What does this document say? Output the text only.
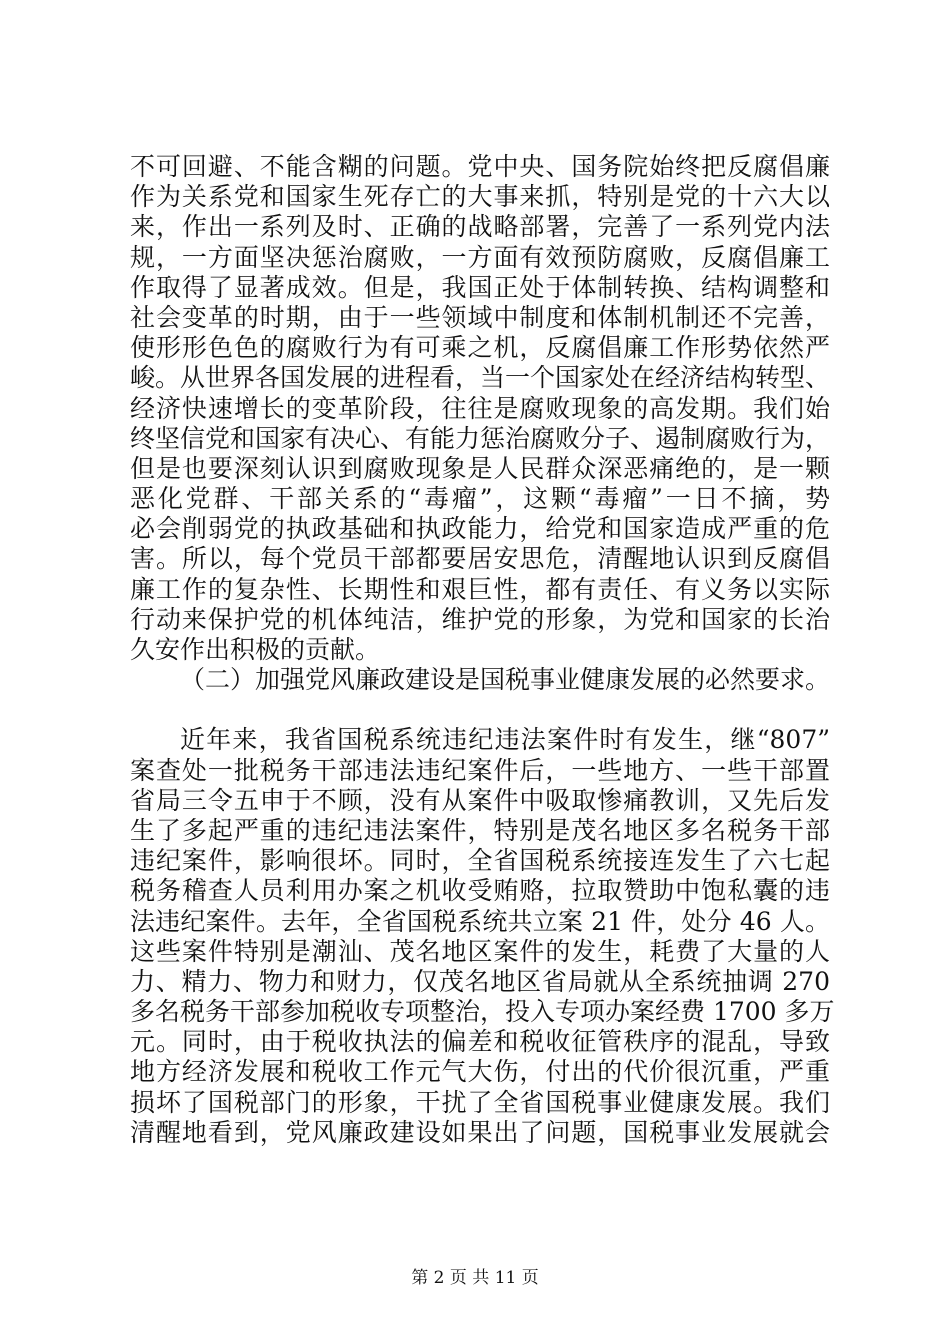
不可回避、不能含糊的问题。党中央、国务院始终把反腐倡廉
作为关系党和国家生死存亡的大事来抓，特别是党的十六大以
来，作出一系列及时、正确的战略部署，完善了一系列党内法
规，一方面坚决惩治腐败，一方面有效预防腐败，反腐倡廉工
作取得了显著成效。但是，我国正处于体制转换、结构调整和
社会变革的时期，由于一些领域中制度和体制机制还不完善，
使形形色色的腐败行为有可乘之机，反腐倡廉工作形势依然严
峻。从世界各国发展的进程看，当一个国家处在经济结构转型、
经济快速增长的变革阶段，往往是腐败现象的高发期。我们始
终坚信党和国家有决心、有能力惩治腐败分子、遏制腐败行为，
但是也要深刻认识到腐败现象是人民群众深恶痛绝的，是一颗
恶化党群、干部关系的“毒瘤”，这颗“毒瘤”一日不摘，势
必会削弱党的执政基础和执政能力，给党和国家造成严重的危
害。所以，每个党员干部都要居安思危，清醒地认识到反腐倡
廉工作的复杂性、长期性和艰巨性，都有责任、有义务以实际
行动来保护党的机体纯洁，维护党的形象，为党和国家的长治
久安作出积极的贡献。
（二）加强党风廉政建设是国税事业健康发展的必然要求。
近年来，我省国税系统违纪违法案件时有发生，继“807”
案查处一批税务干部违法违纪案件后，一些地方、一些干部置
省局三令五申于不顾，没有从案件中吸取惨痛教训，又先后发
生了多起严重的违纪违法案件，特别是茂名地区多名税务干部
违纪案件，影响很坏。同时，全省国税系统接连发生了六七起
税务稽查人员利用办案之机收受贿赂，拉取赞助中饱私囊的违
法违纪案件。去年，全省国税系统共立案 21 件，处分 46 人。
这些案件特别是潮汕、茂名地区案件的发生，耗费了大量的人
力、精力、物力和财力，仅茂名地区省局就从全系统抽调 270
多名税务干部参加税收专项整治，投入专项办案经费 1700 多万
元。同时，由于税收执法的偏差和税收征管秩序的混乱，导致
地方经济发展和税收工作元气大伤，付出的代价很沉重，严重
损坏了国税部门的形象，干扰了全省国税事业健康发展。我们
清醒地看到，党风廉政建设如果出了问题，国税事业发展就会
第 2 页 共 11 页
